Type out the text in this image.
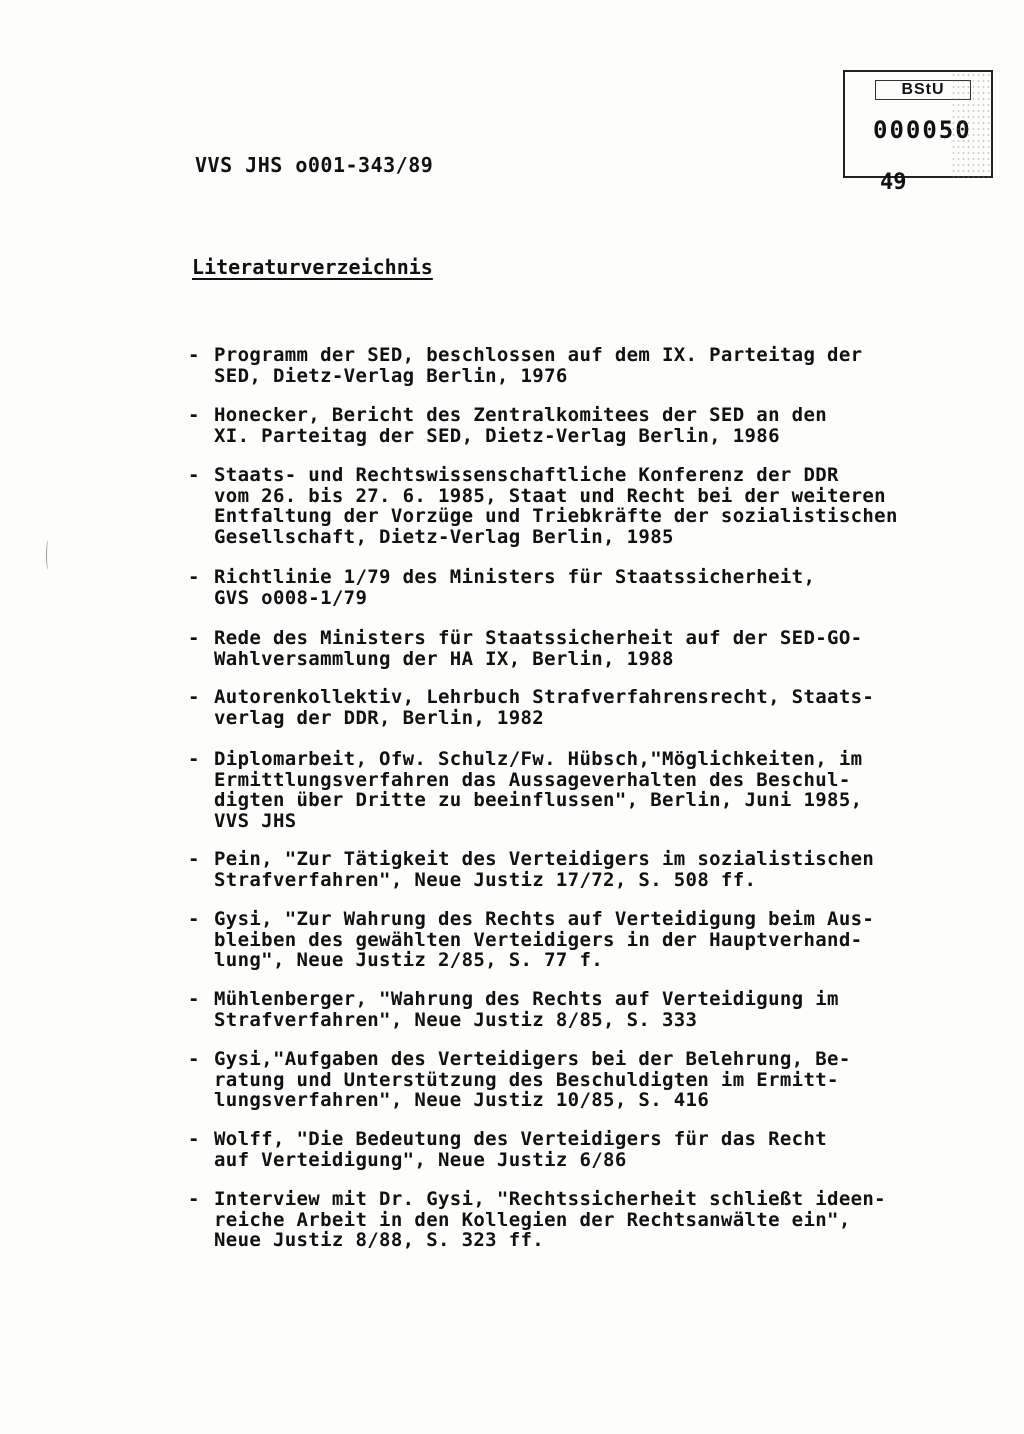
BStU
000050
49
VVS JHS o001-343/89
Literaturverzeichnis
- Programm der SED, beschlossen auf dem IX. Parteitag der
SED, Dietz-Verlag Berlin, 1976
- Honecker, Bericht des Zentralkomitees der SED an den
XI. Parteitag der SED, Dietz-Verlag Berlin, 1986
- Staats- und Rechtswissenschaftliche Konferenz der DDR
vom 26. bis 27. 6. 1985, Staat und Recht bei der weiteren
Entfaltung der Vorzüge und Triebkräfte der sozialistischen
Gesellschaft, Dietz-Verlag Berlin, 1985
- Richtlinie 1/79 des Ministers für Staatssicherheit,
GVS o008-1/79
- Rede des Ministers für Staatssicherheit auf der SED-GO-
Wahlversammlung der HA IX, Berlin, 1988
- Autorenkollektiv, Lehrbuch Strafverfahrensrecht, Staats-
verlag der DDR, Berlin, 1982
- Diplomarbeit, Ofw. Schulz/Fw. Hübsch,"Möglichkeiten, im
Ermittlungsverfahren das Aussageverhalten des Beschul-
digten über Dritte zu beeinflussen", Berlin, Juni 1985,
VVS JHS
- Pein, "Zur Tätigkeit des Verteidigers im sozialistischen
Strafverfahren", Neue Justiz 17/72, S. 508 ff.
- Gysi, "Zur Wahrung des Rechts auf Verteidigung beim Aus-
bleiben des gewählten Verteidigers in der Hauptverhand-
lung", Neue Justiz 2/85, S. 77 f.
- Mühlenberger, "Wahrung des Rechts auf Verteidigung im
Strafverfahren", Neue Justiz 8/85, S. 333
- Gysi,"Aufgaben des Verteidigers bei der Belehrung, Be-
ratung und Unterstützung des Beschuldigten im Ermitt-
lungsverfahren", Neue Justiz 10/85, S. 416
- Wolff, "Die Bedeutung des Verteidigers für das Recht
auf Verteidigung", Neue Justiz 6/86
- Interview mit Dr. Gysi, "Rechtssicherheit schließt ideen-
reiche Arbeit in den Kollegien der Rechtsanwälte ein",
Neue Justiz 8/88, S. 323 ff.
